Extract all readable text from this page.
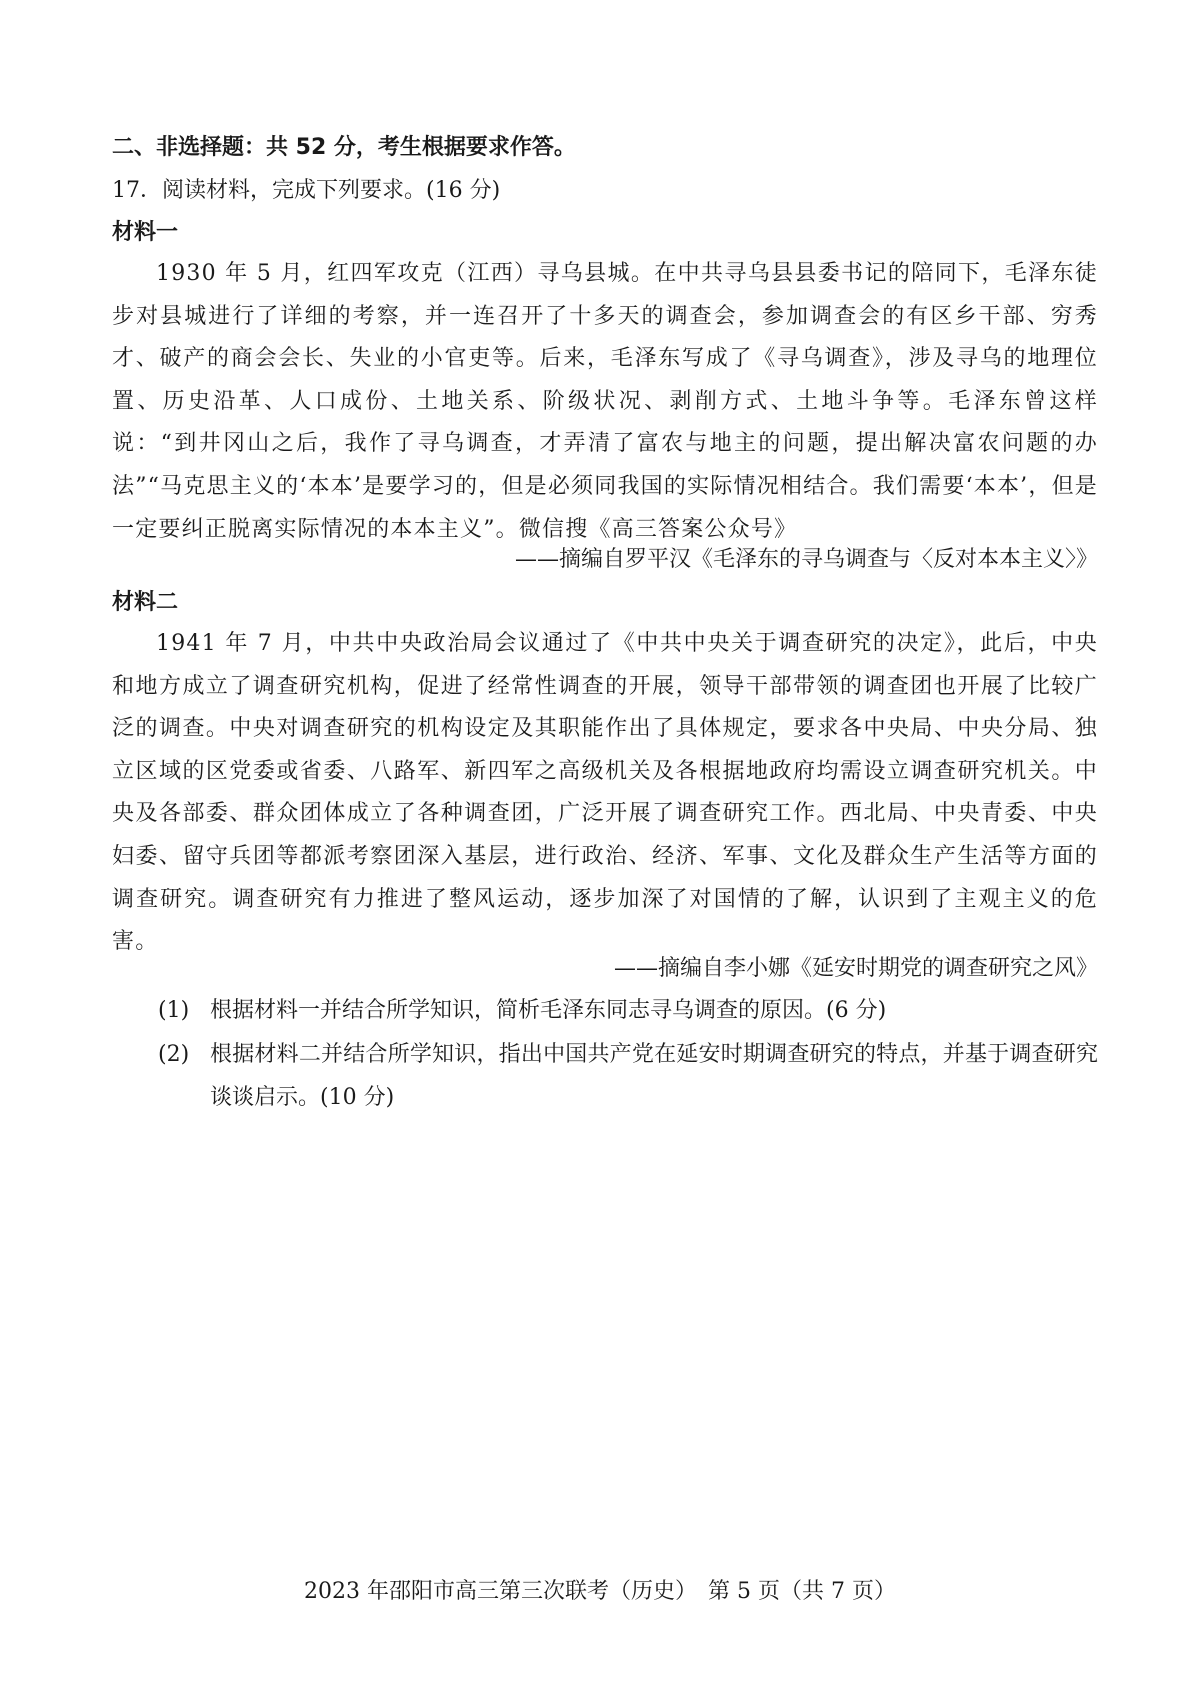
二、非选择题：共 52 分，考生根据要求作答。
17．阅读材料，完成下列要求。(16 分)
材料一

1930 年 5 月，红四军攻克（江西）寻乌县城。在中共寻乌县县委书记的陪同下，毛泽东徒步对县城进行了详细的考察，并一连召开了十多天的调查会，参加调查会的有区乡干部、穷秀才、破产的商会会长、失业的小官吏等。后来，毛泽东写成了《寻乌调查》，涉及寻乌的地理位置、历史沿革、人口成份、土地关系、阶级状况、剥削方式、土地斗争等。毛泽东曾这样说：“到井冈山之后，我作了寻乌调查，才弄清了富农与地主的问题，提出解决富农问题的办法”“马克思主义的‘本本’是要学习的，但是必须同我国的实际情况相结合。我们需要‘本本’，但是一定要纠正脱离实际情况的本本主义”。微信搜《高三答案公众号》

——摘编自罗平汉《毛泽东的寻乌调查与〈反对本本主义〉》
材料二

1941 年 7 月，中共中央政治局会议通过了《中共中央关于调查研究的决定》，此后，中央和地方成立了调查研究机构，促进了经常性调查的开展，领导干部带领的调查团也开展了比较广泛的调查。中央对调查研究的机构设定及其职能作出了具体规定，要求各中央局、中央分局、独立区域的区党委或省委、八路军、新四军之高级机关及各根据地政府均需设立调查研究机关。中央及各部委、群众团体成立了各种调查团，广泛开展了调查研究工作。西北局、中央青委、中央妇委、留守兵团等都派考察团深入基层，进行政治、经济、军事、文化及群众生产生活等方面的调查研究。调查研究有力推进了整风运动，逐步加深了对国情的了解，认识到了主观主义的危害。

——摘编自李小娜《延安时期党的调查研究之风》
(1) 根据材料一并结合所学知识，简析毛泽东同志寻乌调查的原因。(6 分)
(2) 根据材料二并结合所学知识，指出中国共产党在延安时期调查研究的特点，并基于调查研究谈谈启示。(10 分)
2023 年邵阳市高三第三次联考（历史）　第 5 页（共 7 页）
